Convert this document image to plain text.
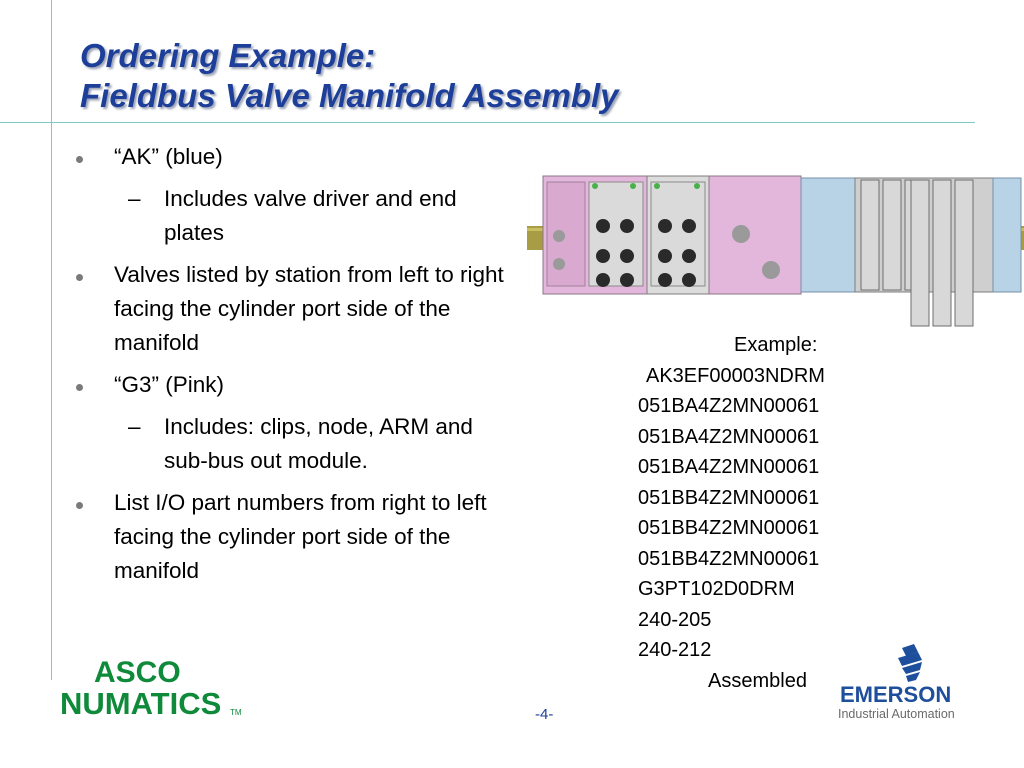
Ordering Example:
Fieldbus Valve Manifold Assembly
“AK” (blue)
– Includes valve driver and end plates
Valves listed by station from left to right facing the cylinder port side of the manifold
“G3” (Pink)
– Includes: clips, node, ARM and sub-bus out module.
List I/O part numbers from right to left facing the cylinder port side of the manifold
Example:
AK3EF00003NDRM
051BA4Z2MN00061
051BA4Z2MN00061
051BA4Z2MN00061
051BB4Z2MN00061
051BB4Z2MN00061
051BB4Z2MN00061
G3PT102D0DRM
240-205
240-212
Assembled
ASCO
NUMATICS TM
EMERSON
Industrial Automation
-4-
